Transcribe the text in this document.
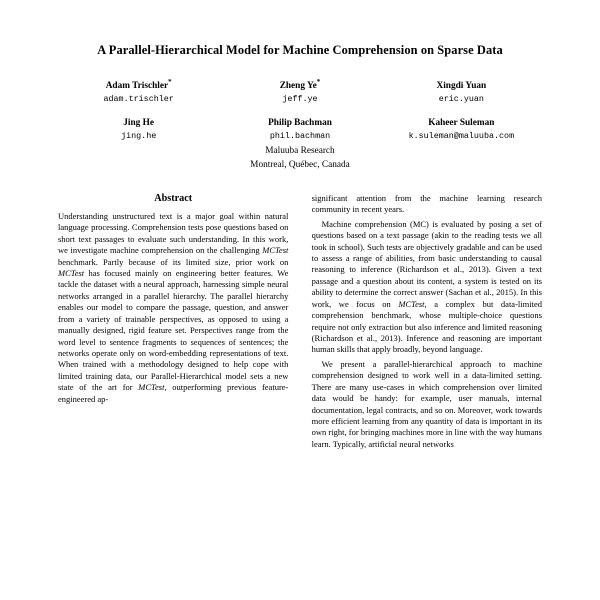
A Parallel-Hierarchical Model for Machine Comprehension on Sparse Data
Adam Trischler*
adam.trischler
Zheng Ye*
jeff.ye
Xingdi Yuan
eric.yuan
Jing He
jing.he
Philip Bachman
phil.bachman
Kaheer Suleman
k.suleman@maluuba.com
Maluuba Research
Montreal, Québec, Canada
Abstract

Understanding unstructured text is a major goal within natural language processing. Comprehension tests pose questions based on short text passages to evaluate such understanding. In this work, we investigate machine comprehension on the challenging MCTest benchmark. Partly because of its limited size, prior work on MCTest has focused mainly on engineering better features. We tackle the dataset with a neural approach, harnessing simple neural networks arranged in a parallel hierarchy. The parallel hierarchy enables our model to compare the passage, question, and answer from a variety of trainable perspectives, as opposed to using a manually designed, rigid feature set. Perspectives range from the word level to sentence fragments to sequences of sentences; the networks operate only on word-embedding representations of text. When trained with a methodology designed to help cope with limited training data, our Parallel-Hierarchical model sets a new state of the art for MCTest, outperforming previous feature-engineered ap-

significant attention from the machine learning research community in recent years.

Machine comprehension (MC) is evaluated by posing a set of questions based on a text passage (akin to the reading tests we all took in school). Such tests are objectively gradable and can be used to assess a range of abilities, from basic understanding to causal reasoning to inference (Richardson et al., 2013). Given a text passage and a question about its content, a system is tested on its ability to determine the correct answer (Sachan et al., 2015). In this work, we focus on MCTest, a complex but data-limited comprehension benchmark, whose multiple-choice questions require not only extraction but also inference and limited reasoning (Richardson et al., 2013). Inference and reasoning are important human skills that apply broadly, beyond language.

We present a parallel-hierarchical approach to machine comprehension designed to work well in a data-limited setting. There are many use-cases in which comprehension over limited data would be handy: for example, user manuals, internal documentation, legal contracts, and so on. Moreover, work towards more efficient learning from any quantity of data is important in its own right, for bringing machines more in line with the way humans learn. Typically, artificial neural networks
